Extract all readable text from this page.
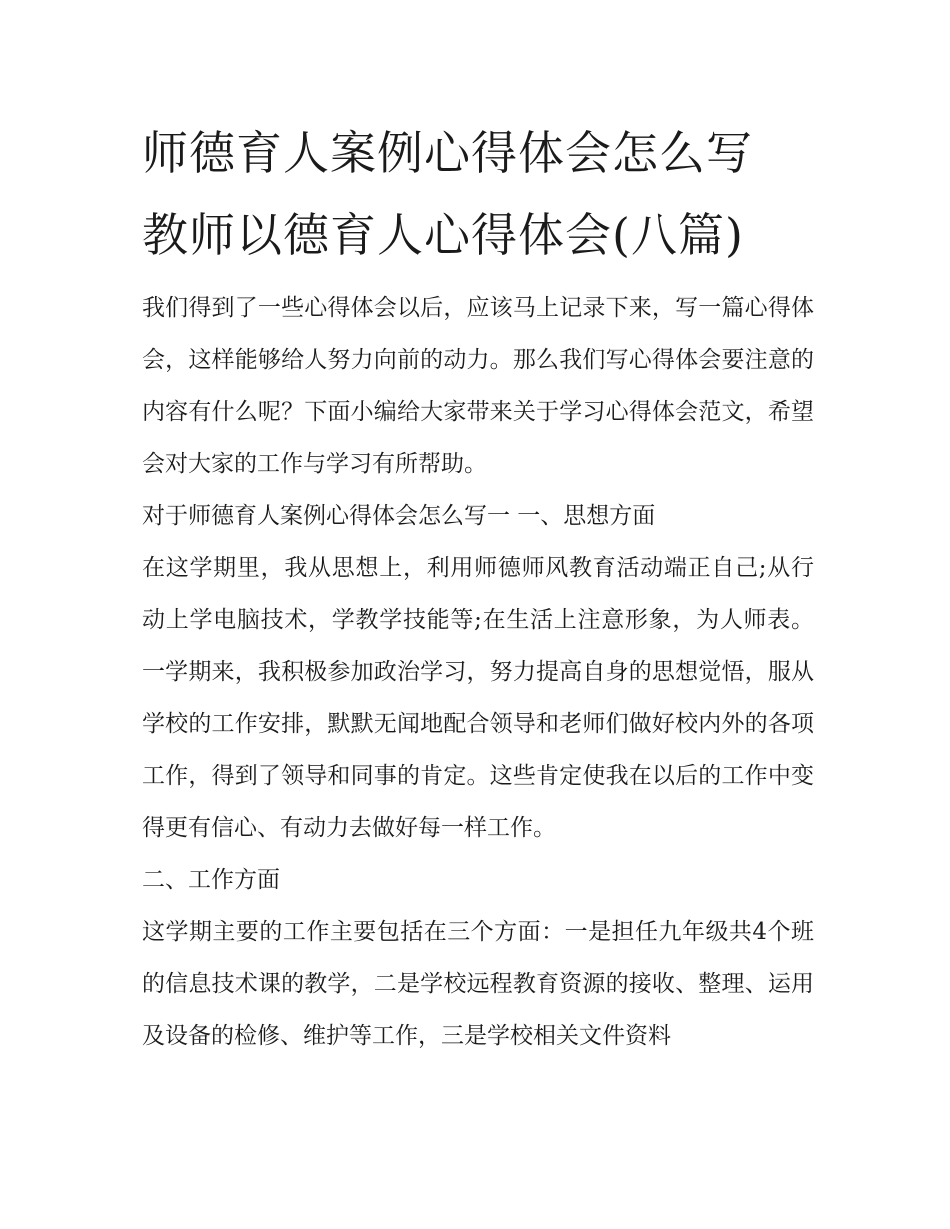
师德育人案例心得体会怎么写
教师以德育人心得体会(八篇)

我们得到了一些心得体会以后，应该马上记录下来，写一篇心得体会，这样能够给人努力向前的动力。那么我们写心得体会要注意的内容有什么呢？下面小编给大家带来关于学习心得体会范文，希望会对大家的工作与学习有所帮助。

对于师德育人案例心得体会怎么写一 一、思想方面

在这学期里，我从思想上，利用师德师风教育活动端正自己;从行动上学电脑技术，学教学技能等;在生活上注意形象，为人师表。一学期来，我积极参加政治学习，努力提高自身的思想觉悟，服从学校的工作安排，默默无闻地配合领导和老师们做好校内外的各项工作，得到了领导和同事的肯定。这些肯定使我在以后的工作中变得更有信心、有动力去做好每一样工作。

二、工作方面

这学期主要的工作主要包括在三个方面：一是担任九年级共4个班的信息技术课的教学，二是学校远程教育资源的接收、整理、运用及设备的检修、维护等工作，三是学校相关文件资料
